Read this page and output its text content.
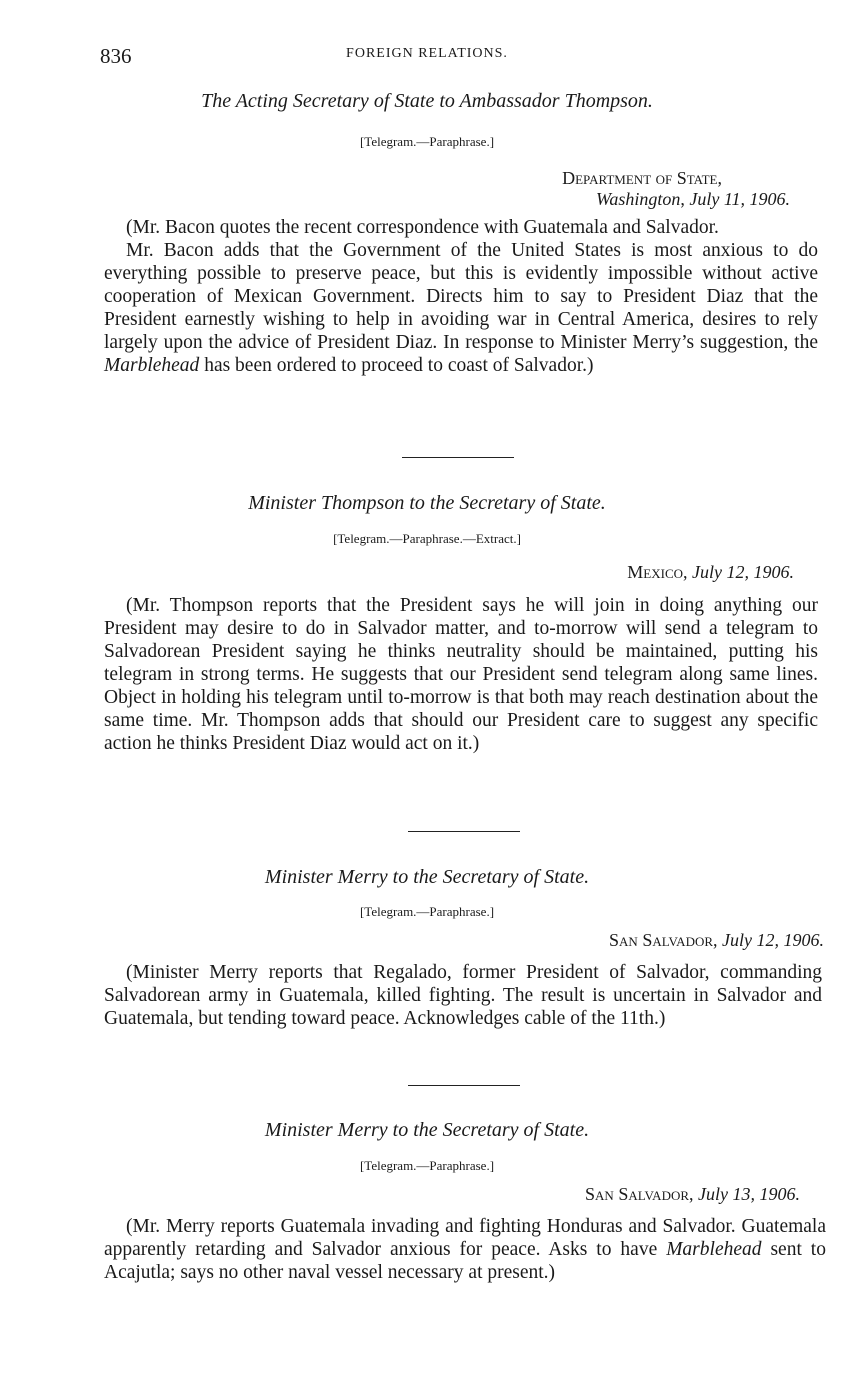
836	FOREIGN RELATIONS.
The Acting Secretary of State to Ambassador Thompson.
[Telegram.—Paraphrase.]
Department of State,
Washington, July 11, 1906.

(Mr. Bacon quotes the recent correspondence with Guatemala and Salvador.

Mr. Bacon adds that the Government of the United States is most anxious to do everything possible to preserve peace, but this is evidently impossible without active cooperation of Mexican Government. Directs him to say to President Diaz that the President earnestly wishing to help in avoiding war in Central America, desires to rely largely upon the advice of President Diaz. In response to Minister Merry’s suggestion, the Marblehead has been ordered to proceed to coast of Salvador.)

Minister Thompson to the Secretary of State.
[Telegram.—Paraphrase.—Extract.]
Mexico, July 12, 1906.

(Mr. Thompson reports that the President says he will join in doing anything our President may desire to do in Salvador matter, and to-morrow will send a telegram to Salvadorean President saying he thinks neutrality should be maintained, putting his telegram in strong terms. He suggests that our President send telegram along same lines. Object in holding his telegram until to-morrow is that both may reach destination about the same time. Mr. Thompson adds that should our President care to suggest any specific action he thinks President Diaz would act on it.)

Minister Merry to the Secretary of State.
[Telegram.—Paraphrase.]
San Salvador, July 12, 1906.

(Minister Merry reports that Regalado, former President of Salvador, commanding Salvadorean army in Guatemala, killed fighting. The result is uncertain in Salvador and Guatemala, but tending toward peace. Acknowledges cable of the 11th.)

Minister Merry to the Secretary of State.
[Telegram.—Paraphrase.]
San Salvador, July 13, 1906.

(Mr. Merry reports Guatemala invading and fighting Honduras and Salvador. Guatemala apparently retarding and Salvador anxious for peace. Asks to have Marblehead sent to Acajutla; says no other naval vessel necessary at present.)
